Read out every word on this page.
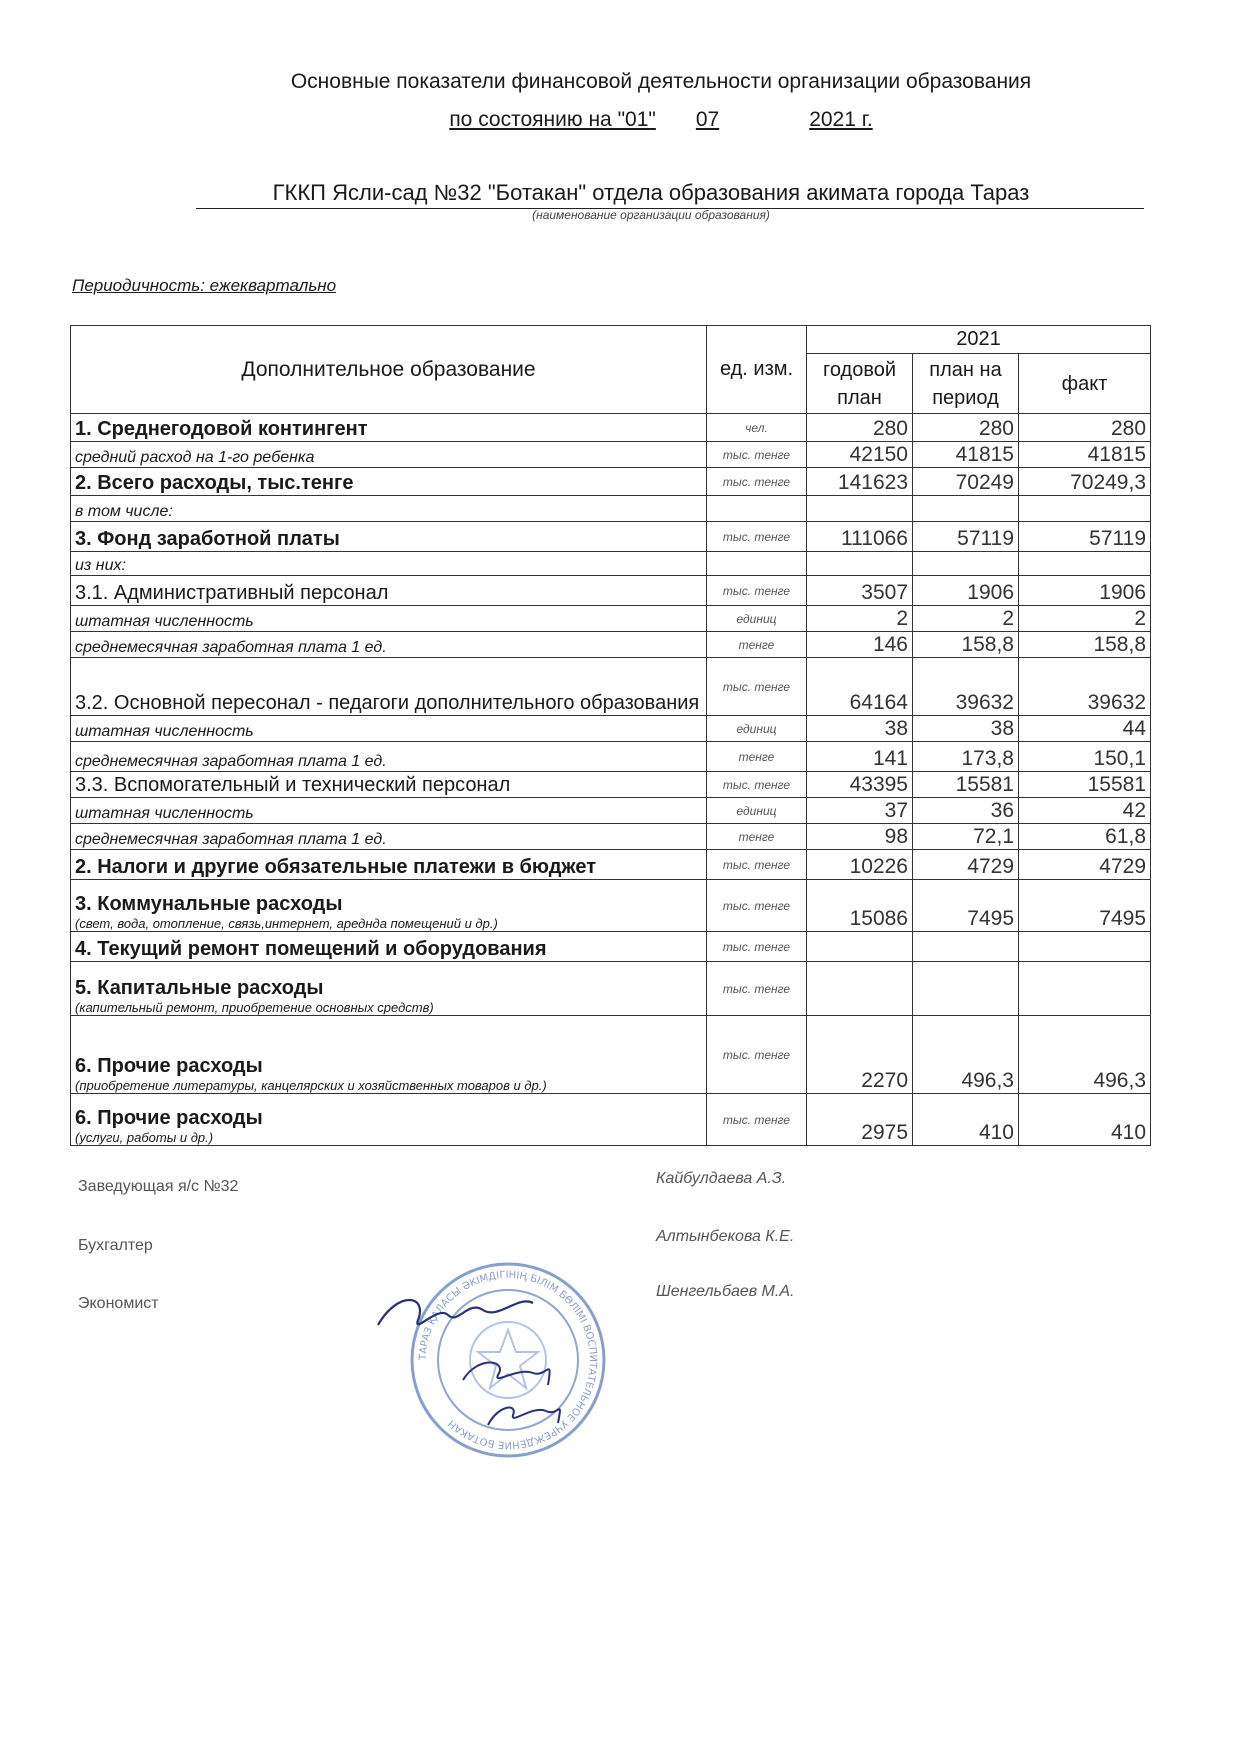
Основные показатели финансовой деятельности организации образования
по состоянию на "01" 07	2021 г.
ГККП Ясли-сад №32 "Ботакан" отдела образования акимата города Тараз
(наименование организации образования)
Периодичность: ежеквартально
Дополнительное образование	ед. изм.	2021		
		годовой план	план на период	факт
1. Среднегодовой контингент	чел.	280	280	280
средний расход на 1-го ребенка	тыс. тенге	42150	41815	41815
2. Всего расходы, тыс.тенге	тыс. тенге	141623	70249	70249,3
в том числе:				
3. Фонд заработной платы	тыс. тенге	111066	57119	57119
из них:				
3.1. Административный персонал	тыс. тенге	3507	1906	1906
штатная численность	единиц	2	2	2
среднемесячная заработная плата 1 ед.	тенге	146	158,8	158,8
3.2. Основной пересонал - педагоги дополнительного образования	тыс. тенге	64164	39632	39632
штатная численность	единиц	38	38	44
среднемесячная заработная плата 1 ед.	тенге	141	173,8	150,1
3.3. Вспомогательный и технический персонал	тыс. тенге	43395	15581	15581
штатная численность	единиц	37	36	42
среднемесячная заработная плата 1 ед.	тенге	98	72,1	61,8
2. Налоги и другие обязательные платежи в бюджет	тыс. тенге	10226	4729	4729
3. Коммунальные расходы
(свет, вода, отопление, связь,интернет, ареднда помещений и др.)	тыс. тенге	15086	7495	7495
4. Текущий ремонт помещений и оборудования	тыс. тенге			
5. Капитальные расходы
(капительный ремонт, приобретение основных средств)	тыс. тенге			
6. Прочие расходы
(приобретение литературы, канцелярских и хозяйственных товаров и др.)	тыс. тенге	2270	496,3	496,3
6. Прочие расходы
(услуги, работы и др.)	тыс. тенге	2975	410	410
Заведующая я/с №32
Бухгалтер
Экономист
Кайбулдаева А.З.
Алтынбекова К.Е.
Шенгельбаев М.А.
ТАРАЗ ҚАЛАСЫ ӘКІМДІГІНІҢ БІЛІМ БӨЛІМІ ВОСПИТАТЕЛЬНОЕ УЧРЕЖДЕНИЕ БОТАКАН
